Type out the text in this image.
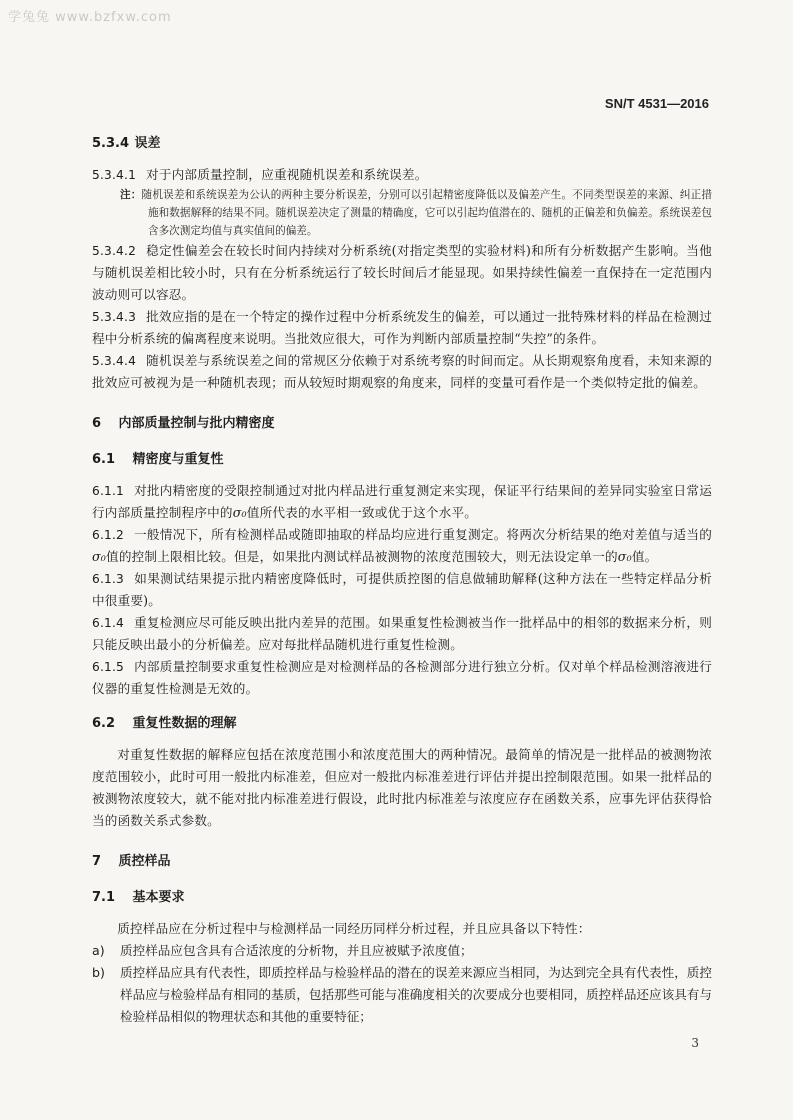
学兔兔 www.bzfxw.com
SN/T 4531—2016
5.3.4 误差
5.3.4.1 对于内部质量控制，应重视随机误差和系统误差。
注：随机误差和系统误差为公认的两种主要分析误差，分别可以引起精密度降低以及偏差产生。不同类型误差的来源、纠正措施和数据解释的结果不同。随机误差决定了测量的精确度，它可以引起均值潜在的、随机的正偏差和负偏差。系统误差包含多次测定均值与真实值间的偏差。
5.3.4.2 稳定性偏差会在较长时间内持续对分析系统(对指定类型的实验材料)和所有分析数据产生影响。当他与随机误差相比较小时，只有在分析系统运行了较长时间后才能显现。如果持续性偏差一直保持在一定范围内波动则可以容忍。
5.3.4.3 批效应指的是在一个特定的操作过程中分析系统发生的偏差，可以通过一批特殊材料的样品在检测过程中分析系统的偏离程度来说明。当批效应很大，可作为判断内部质量控制“失控”的条件。
5.3.4.4 随机误差与系统误差之间的常规区分依赖于对系统考察的时间而定。从长期观察角度看，未知来源的批效应可被视为是一种随机表现；而从较短时期观察的角度来，同样的变量可看作是一个类似特定批的偏差。
6 内部质量控制与批内精密度
6.1 精密度与重复性
6.1.1 对批内精密度的受限控制通过对批内样品进行重复测定来实现，保证平行结果间的差异同实验室日常运行内部质量控制程序中的σ₀值所代表的水平相一致或优于这个水平。
6.1.2 一般情况下，所有检测样品或随即抽取的样品均应进行重复测定。将两次分析结果的绝对差值与适当的σ₀值的控制上限相比较。但是，如果批内测试样品被测物的浓度范围较大，则无法设定单一的σ₀值。
6.1.3 如果测试结果提示批内精密度降低时，可提供质控图的信息做辅助解释(这种方法在一些特定样品分析中很重要)。
6.1.4 重复检测应尽可能反映出批内差异的范围。如果重复性检测被当作一批样品中的相邻的数据来分析，则只能反映出最小的分析偏差。应对每批样品随机进行重复性检测。
6.1.5 内部质量控制要求重复性检测应是对检测样品的各检测部分进行独立分析。仅对单个样品检测溶液进行仪器的重复性检测是无效的。
6.2 重复性数据的理解
对重复性数据的解释应包括在浓度范围小和浓度范围大的两种情况。最简单的情况是一批样品的被测物浓度范围较小，此时可用一般批内标准差，但应对一般批内标准差进行评估并提出控制限范围。如果一批样品的被测物浓度较大，就不能对批内标准差进行假设，此时批内标准差与浓度应存在函数关系，应事先评估获得恰当的函数关系式参数。
7 质控样品
7.1 基本要求
质控样品应在分析过程中与检测样品一同经历同样分析过程，并且应具备以下特性：
a)	质控样品应包含具有合适浓度的分析物，并且应被赋予浓度值；
b)	质控样品应具有代表性，即质控样品与检验样品的潜在的误差来源应当相同，为达到完全具有代表性，质控样品应与检验样品有相同的基质，包括那些可能与准确度相关的次要成分也要相同，质控样品还应该具有与检验样品相似的物理状态和其他的重要特征；
3
